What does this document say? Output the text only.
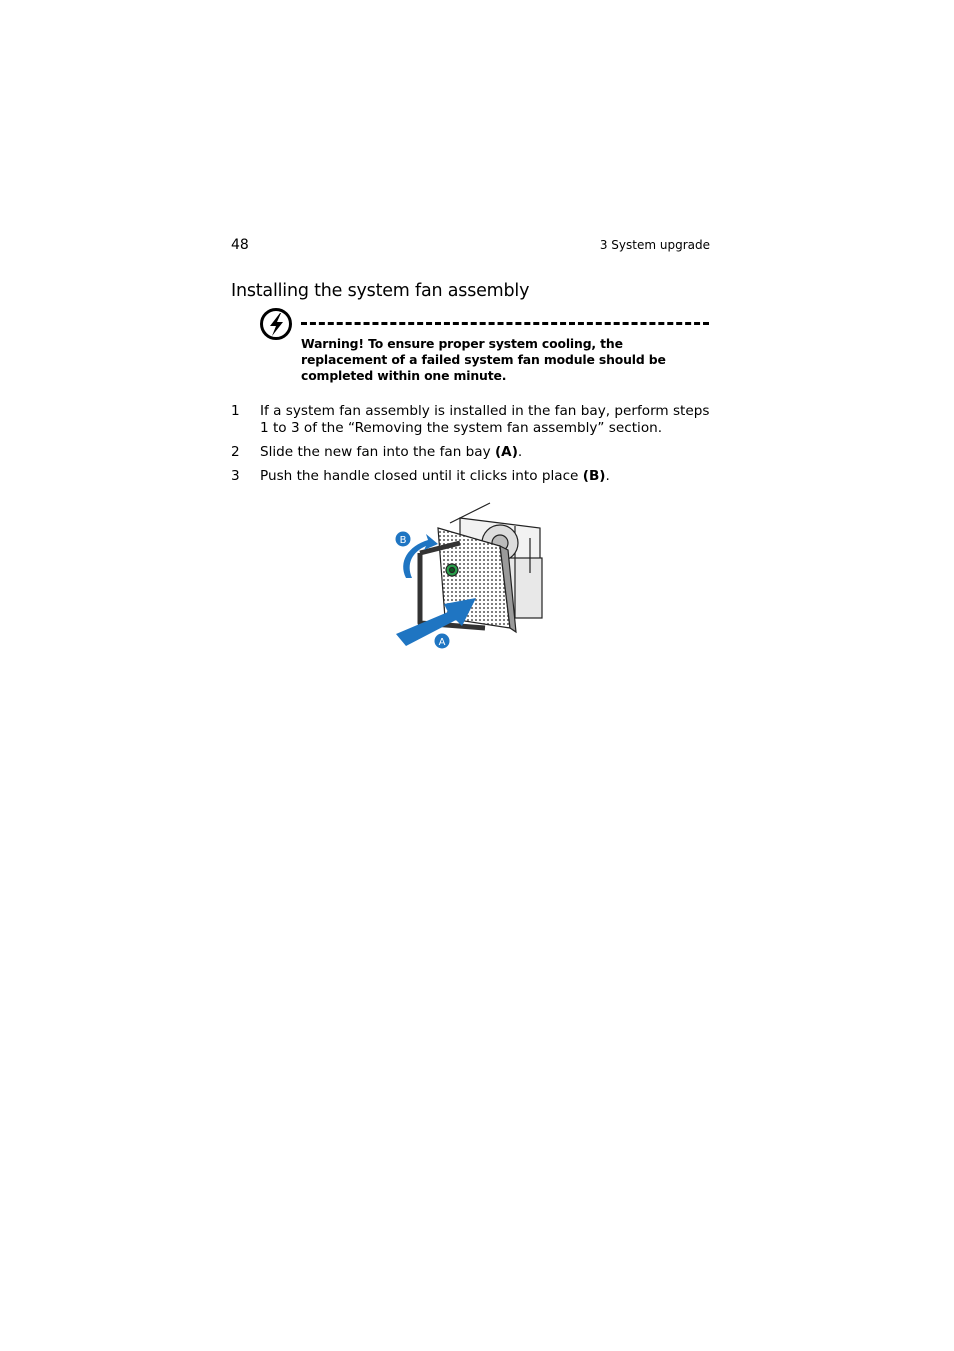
48	3 System upgrade
Installing the system fan assembly
Warning! To ensure proper system cooling, the replacement of a failed system fan module should be completed within one minute.
1 If a system fan assembly is installed in the fan bay, perform steps 1 to 3 of the “Removing the system fan assembly” section.
2 Slide the new fan into the fan bay (A).
3 Push the handle closed until it clicks into place (B).
B
A
